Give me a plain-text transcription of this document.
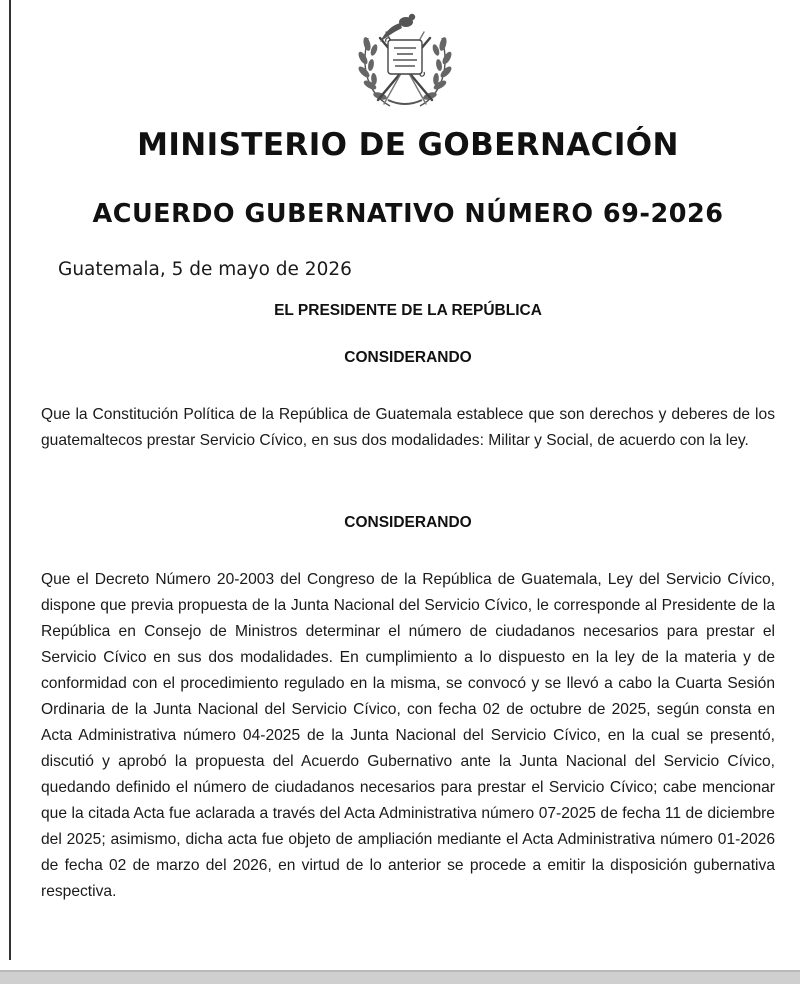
MINISTERIO DE GOBERNACIÓN
ACUERDO GUBERNATIVO NÚMERO 69-2026

Guatemala, 5 de mayo de 2026

EL PRESIDENTE DE LA REPÚBLICA

CONSIDERANDO

Que la Constitución Política de la República de Guatemala establece que son derechos y deberes de los guatemaltecos prestar Servicio Cívico, en sus dos modalidades: Militar y Social, de acuerdo con la ley.

CONSIDERANDO

Que el Decreto Número 20-2003 del Congreso de la República de Guatemala, Ley del Servicio Cívico, dispone que previa propuesta de la Junta Nacional del Servicio Cívico, le corresponde al Presidente de la República en Consejo de Ministros determinar el número de ciudadanos necesarios para prestar el Servicio Cívico en sus dos modalidades. En cumplimiento a lo dispuesto en la ley de la materia y de conformidad con el procedimiento regulado en la misma, se convocó y se llevó a cabo la Cuarta Sesión Ordinaria de la Junta Nacional del Servicio Cívico, con fecha 02 de octubre de 2025, según consta en Acta Administrativa número 04-2025 de la Junta Nacional del Servicio Cívico, en la cual se presentó, discutió y aprobó la propuesta del Acuerdo Gubernativo ante la Junta Nacional del Servicio Cívico, quedando definido el número de ciudadanos necesarios para prestar el Servicio Cívico; cabe mencionar que la citada Acta fue aclarada a través del Acta Administrativa número 07-2025 de fecha 11 de diciembre del 2025; asimismo, dicha acta fue objeto de ampliación mediante el Acta Administrativa número 01-2026 de fecha 02 de marzo del 2026, en virtud de lo anterior se procede a emitir la disposición gubernativa respectiva.
